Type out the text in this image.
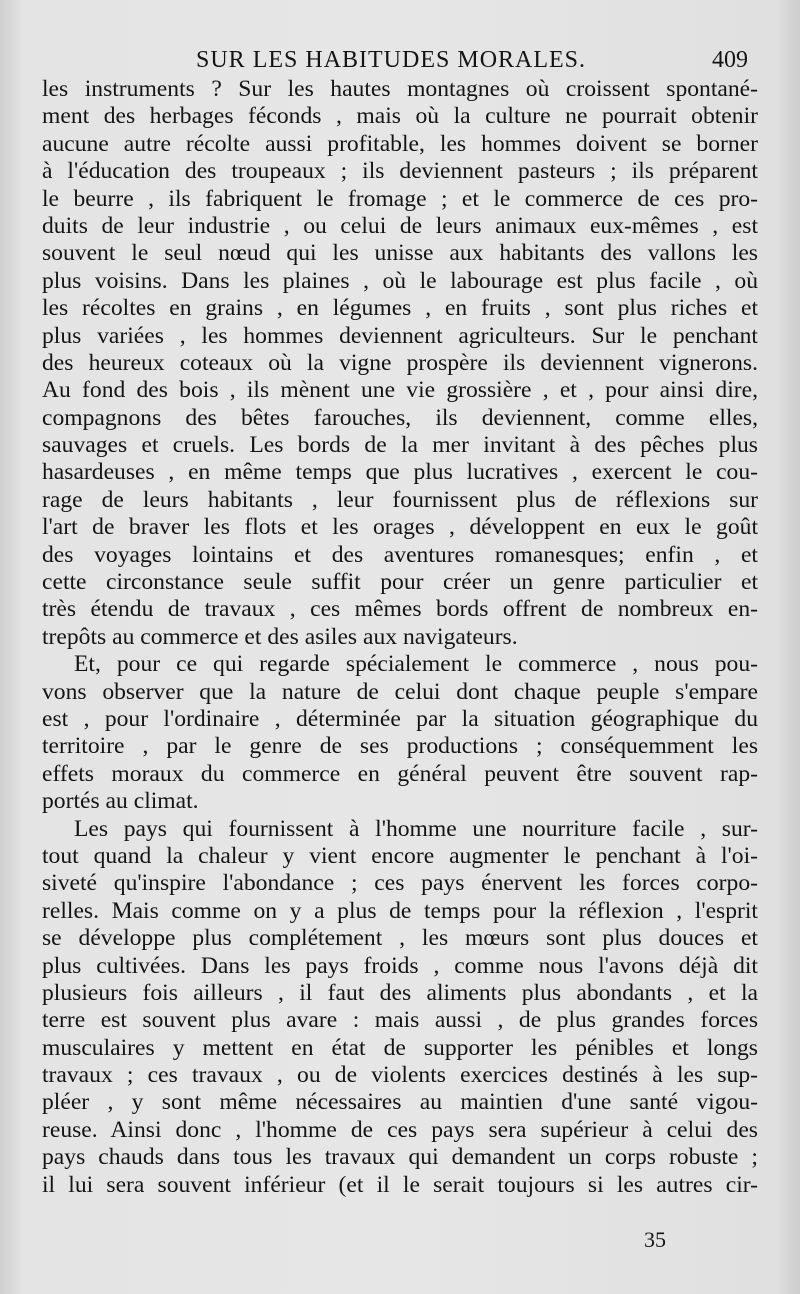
SUR LES HABITUDES MORALES.	409
les instruments ? Sur les hautes montagnes où croissent spontané-
ment des herbages féconds , mais où la culture ne pourrait obtenir
aucune autre récolte aussi profitable, les hommes doivent se borner
à l'éducation des troupeaux ; ils deviennent pasteurs ; ils préparent
le beurre , ils fabriquent le fromage ; et le commerce de ces pro-
duits de leur industrie , ou celui de leurs animaux eux-mêmes , est
souvent le seul nœud qui les unisse aux habitants des vallons les
plus voisins. Dans les plaines , où le labourage est plus facile , où
les récoltes en grains , en légumes , en fruits , sont plus riches et
plus variées , les hommes deviennent agriculteurs. Sur le penchant
des heureux coteaux où la vigne prospère ils deviennent vignerons.
Au fond des bois , ils mènent une vie grossière , et , pour ainsi dire,
compagnons des bêtes farouches, ils deviennent, comme elles,
sauvages et cruels. Les bords de la mer invitant à des pêches plus
hasardeuses , en même temps que plus lucratives , exercent le cou-
rage de leurs habitants , leur fournissent plus de réflexions sur
l'art de braver les flots et les orages , développent en eux le goût
des voyages lointains et des aventures romanesques; enfin , et
cette circonstance seule suffit pour créer un genre particulier et
très étendu de travaux , ces mêmes bords offrent de nombreux en-
trepôts au commerce et des asiles aux navigateurs.
Et, pour ce qui regarde spécialement le commerce , nous pou-
vons observer que la nature de celui dont chaque peuple s'empare
est , pour l'ordinaire , déterminée par la situation géographique du
territoire , par le genre de ses productions ; conséquemment les
effets moraux du commerce en général peuvent être souvent rap-
portés au climat.
Les pays qui fournissent à l'homme une nourriture facile , sur-
tout quand la chaleur y vient encore augmenter le penchant à l'oi-
siveté qu'inspire l'abondance ; ces pays énervent les forces corpo-
relles. Mais comme on y a plus de temps pour la réflexion , l'esprit
se développe plus complétement , les mœurs sont plus douces et
plus cultivées. Dans les pays froids , comme nous l'avons déjà dit
plusieurs fois ailleurs , il faut des aliments plus abondants , et la
terre est souvent plus avare : mais aussi , de plus grandes forces
musculaires y mettent en état de supporter les pénibles et longs
travaux ; ces travaux , ou de violents exercices destinés à les sup-
pléer , y sont même nécessaires au maintien d'une santé vigou-
reuse. Ainsi donc , l'homme de ces pays sera supérieur à celui des
pays chauds dans tous les travaux qui demandent un corps robuste ;
il lui sera souvent inférieur (et il le serait toujours si les autres cir-
35
